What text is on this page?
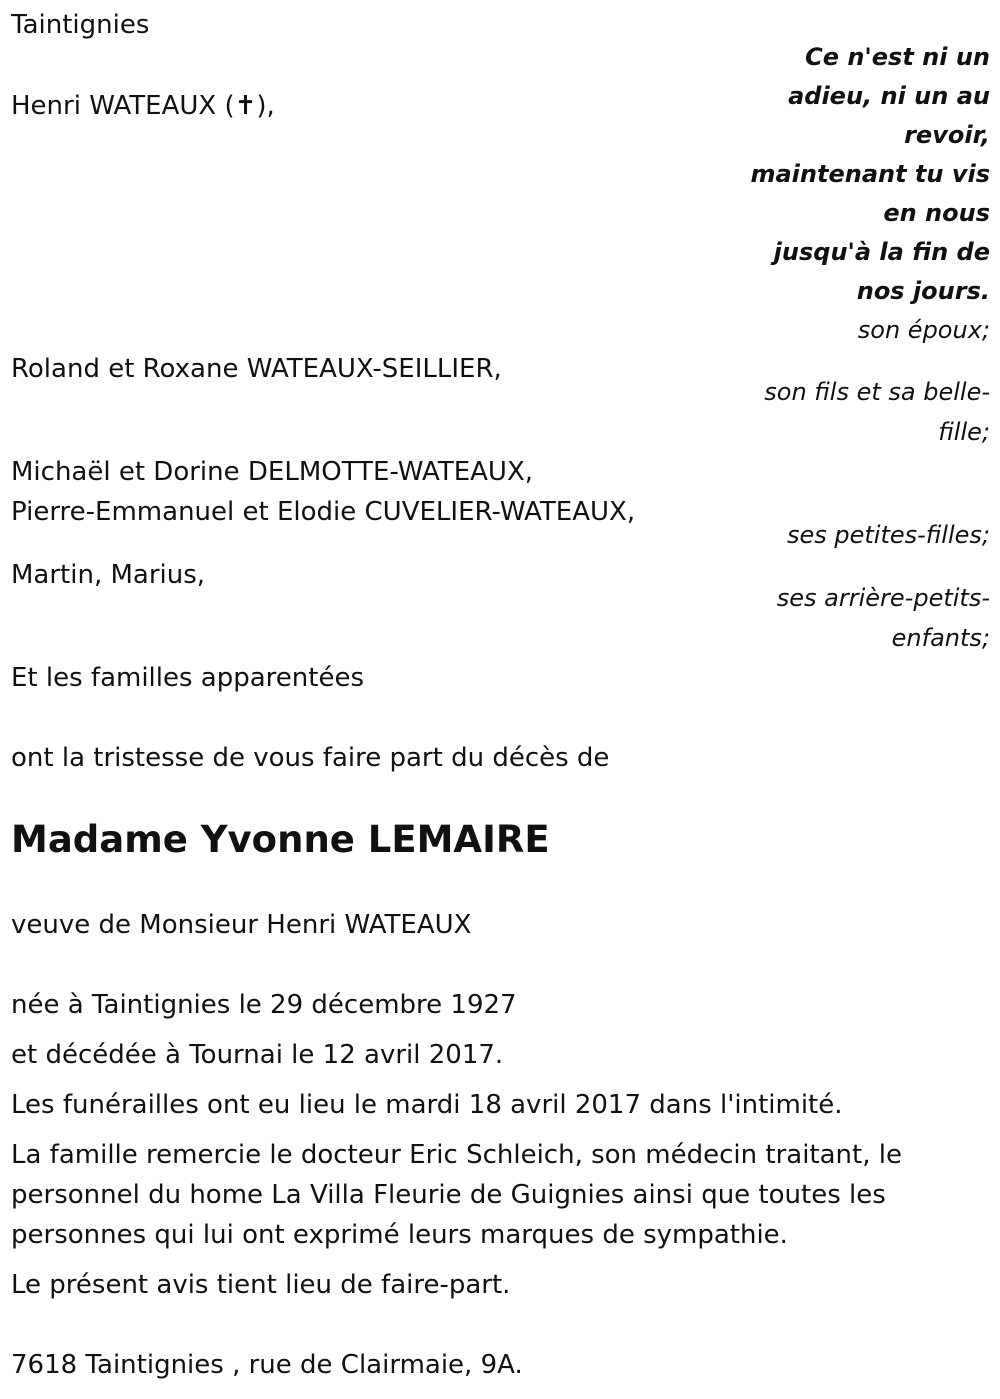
Taintignies

Ce n'est ni un
adieu, ni un au
revoir,
maintenant tu vis
en nous
jusqu'à la fin de
nos jours.

Henri WATEAUX (✝),

son époux;

Roland et Roxane WATEAUX-SEILLIER,

son fils et sa belle-

fille;

Michaël et Dorine DELMOTTE-WATEAUX,

Pierre-Emmanuel et Elodie CUVELIER-WATEAUX,

ses petites-filles;

Martin, Marius,

ses arrière-petits-

enfants;

Et les familles apparentées

ont la tristesse de vous faire part du décès de

Madame Yvonne LEMAIRE

veuve de Monsieur Henri WATEAUX

née à Taintignies le 29 décembre 1927

et décédée à Tournai le 12 avril 2017.

Les funérailles ont eu lieu le mardi 18 avril 2017 dans l'intimité.

La famille remercie le docteur Eric Schleich, son médecin traitant, le

personnel du home La Villa Fleurie de Guignies ainsi que toutes les

personnes qui lui ont exprimé leurs marques de sympathie.

Le présent avis tient lieu de faire-part.

7618 Taintignies , rue de Clairmaie, 9A.
